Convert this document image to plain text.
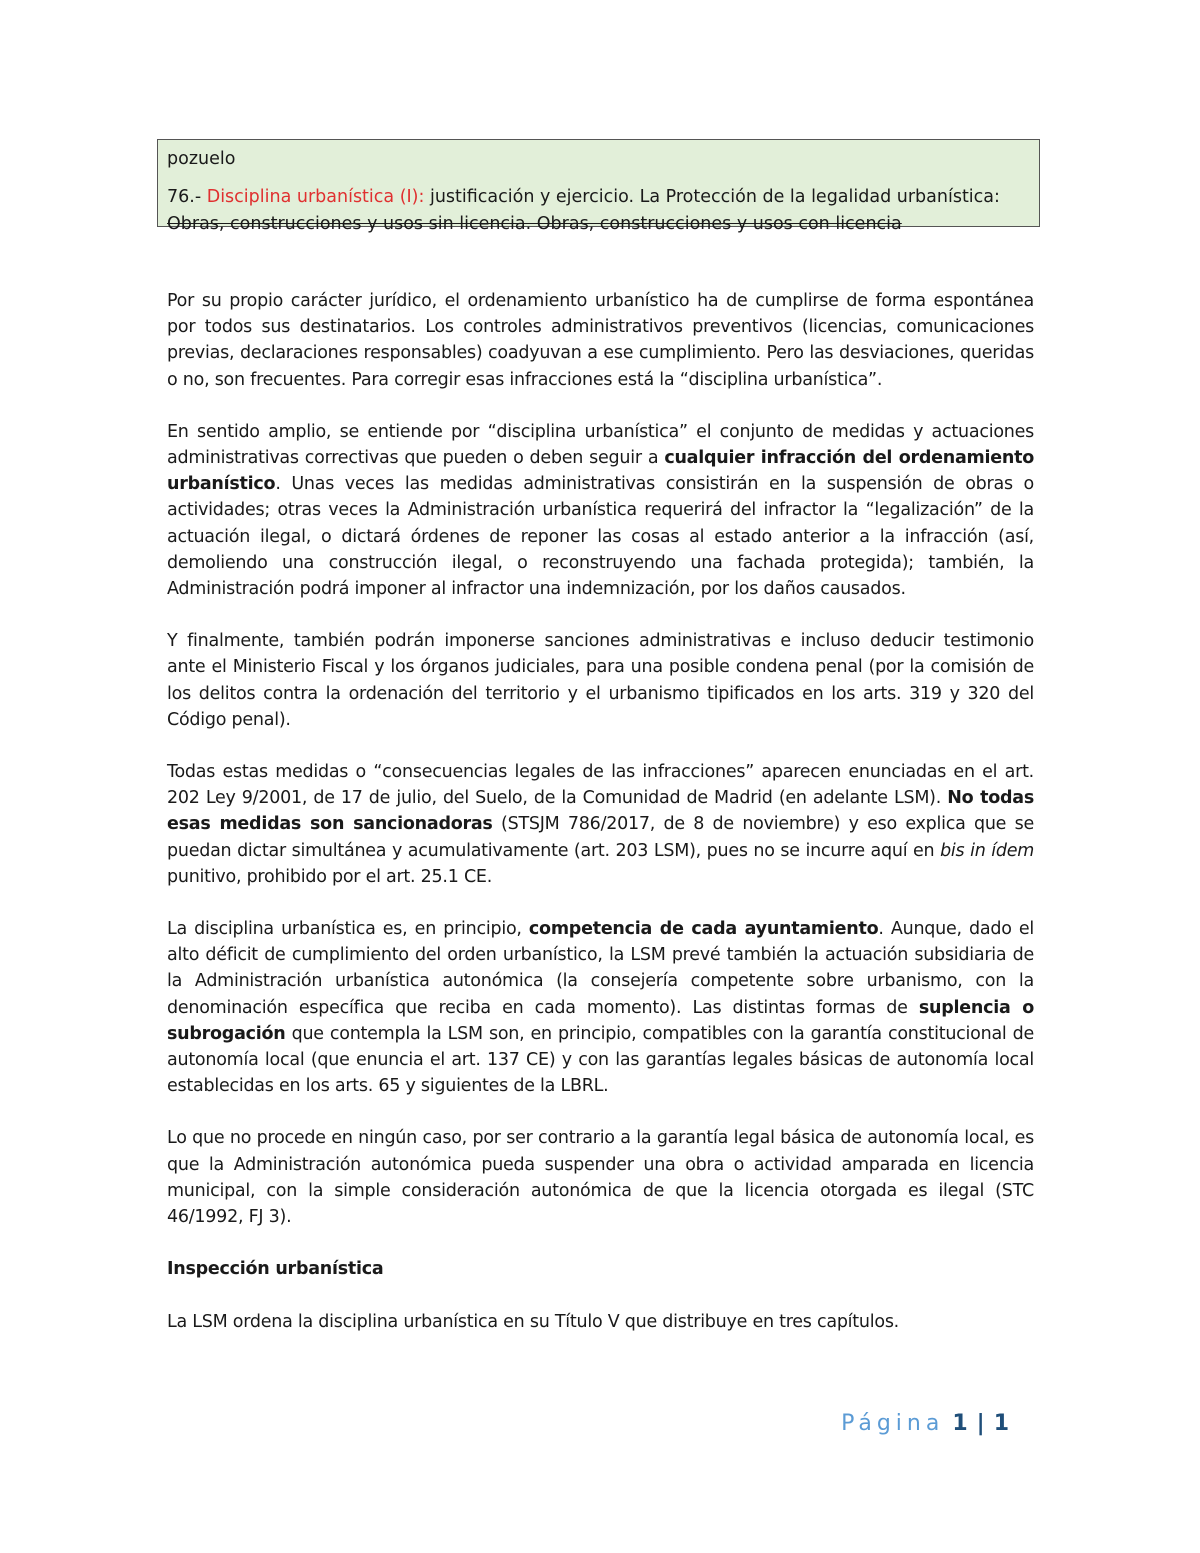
pozuelo
76.- Disciplina urbanística (I): justificación y ejercicio. La Protección de la legalidad urbanística:
Obras, construcciones y usos sin licencia. Obras, construcciones y usos con licencia

Por su propio carácter jurídico, el ordenamiento urbanístico ha de cumplirse de forma espontánea por todos sus destinatarios. Los controles administrativos preventivos (licencias, comunicaciones previas, declaraciones responsables) coadyuvan a ese cumplimiento. Pero las desviaciones, queridas o no, son frecuentes. Para corregir esas infracciones está la “disciplina urbanística”.

En sentido amplio, se entiende por “disciplina urbanística” el conjunto de medidas y actuaciones administrativas correctivas que pueden o deben seguir a cualquier infracción del ordenamiento urbanístico. Unas veces las medidas administrativas consistirán en la suspensión de obras o actividades; otras veces la Administración urbanística requerirá del infractor la “legalización” de la actuación ilegal, o dictará órdenes de reponer las cosas al estado anterior a la infracción (así, demoliendo una construcción ilegal, o reconstruyendo una fachada protegida); también, la Administración podrá imponer al infractor una indemnización, por los daños causados.

Y finalmente, también podrán imponerse sanciones administrativas e incluso deducir testimonio ante el Ministerio Fiscal y los órganos judiciales, para una posible condena penal (por la comisión de los delitos contra la ordenación del territorio y el urbanismo tipificados en los arts. 319 y 320 del Código penal).

Todas estas medidas o “consecuencias legales de las infracciones” aparecen enunciadas en el art. 202 Ley 9/2001, de 17 de julio, del Suelo, de la Comunidad de Madrid (en adelante LSM). No todas esas medidas son sancionadoras (STSJM 786/2017, de 8 de noviembre) y eso explica que se puedan dictar simultánea y acumulativamente (art. 203 LSM), pues no se incurre aquí en bis in ídem punitivo, prohibido por el art. 25.1 CE.

La disciplina urbanística es, en principio, competencia de cada ayuntamiento. Aunque, dado el alto déficit de cumplimiento del orden urbanístico, la LSM prevé también la actuación subsidiaria de la Administración urbanística autonómica (la consejería competente sobre urbanismo, con la denominación específica que reciba en cada momento). Las distintas formas de suplencia o subrogación que contempla la LSM son, en principio, compatibles con la garantía constitucional de autonomía local (que enuncia el art. 137 CE) y con las garantías legales básicas de autonomía local establecidas en los arts. 65 y siguientes de la LBRL.

Lo que no procede en ningún caso, por ser contrario a la garantía legal básica de autonomía local, es que la Administración autonómica pueda suspender una obra o actividad amparada en licencia municipal, con la simple consideración autonómica de que la licencia otorgada es ilegal (STC 46/1992, FJ 3).

Inspección urbanística

La LSM ordena la disciplina urbanística en su Título V que distribuye en tres capítulos.

Página 1 | 1
